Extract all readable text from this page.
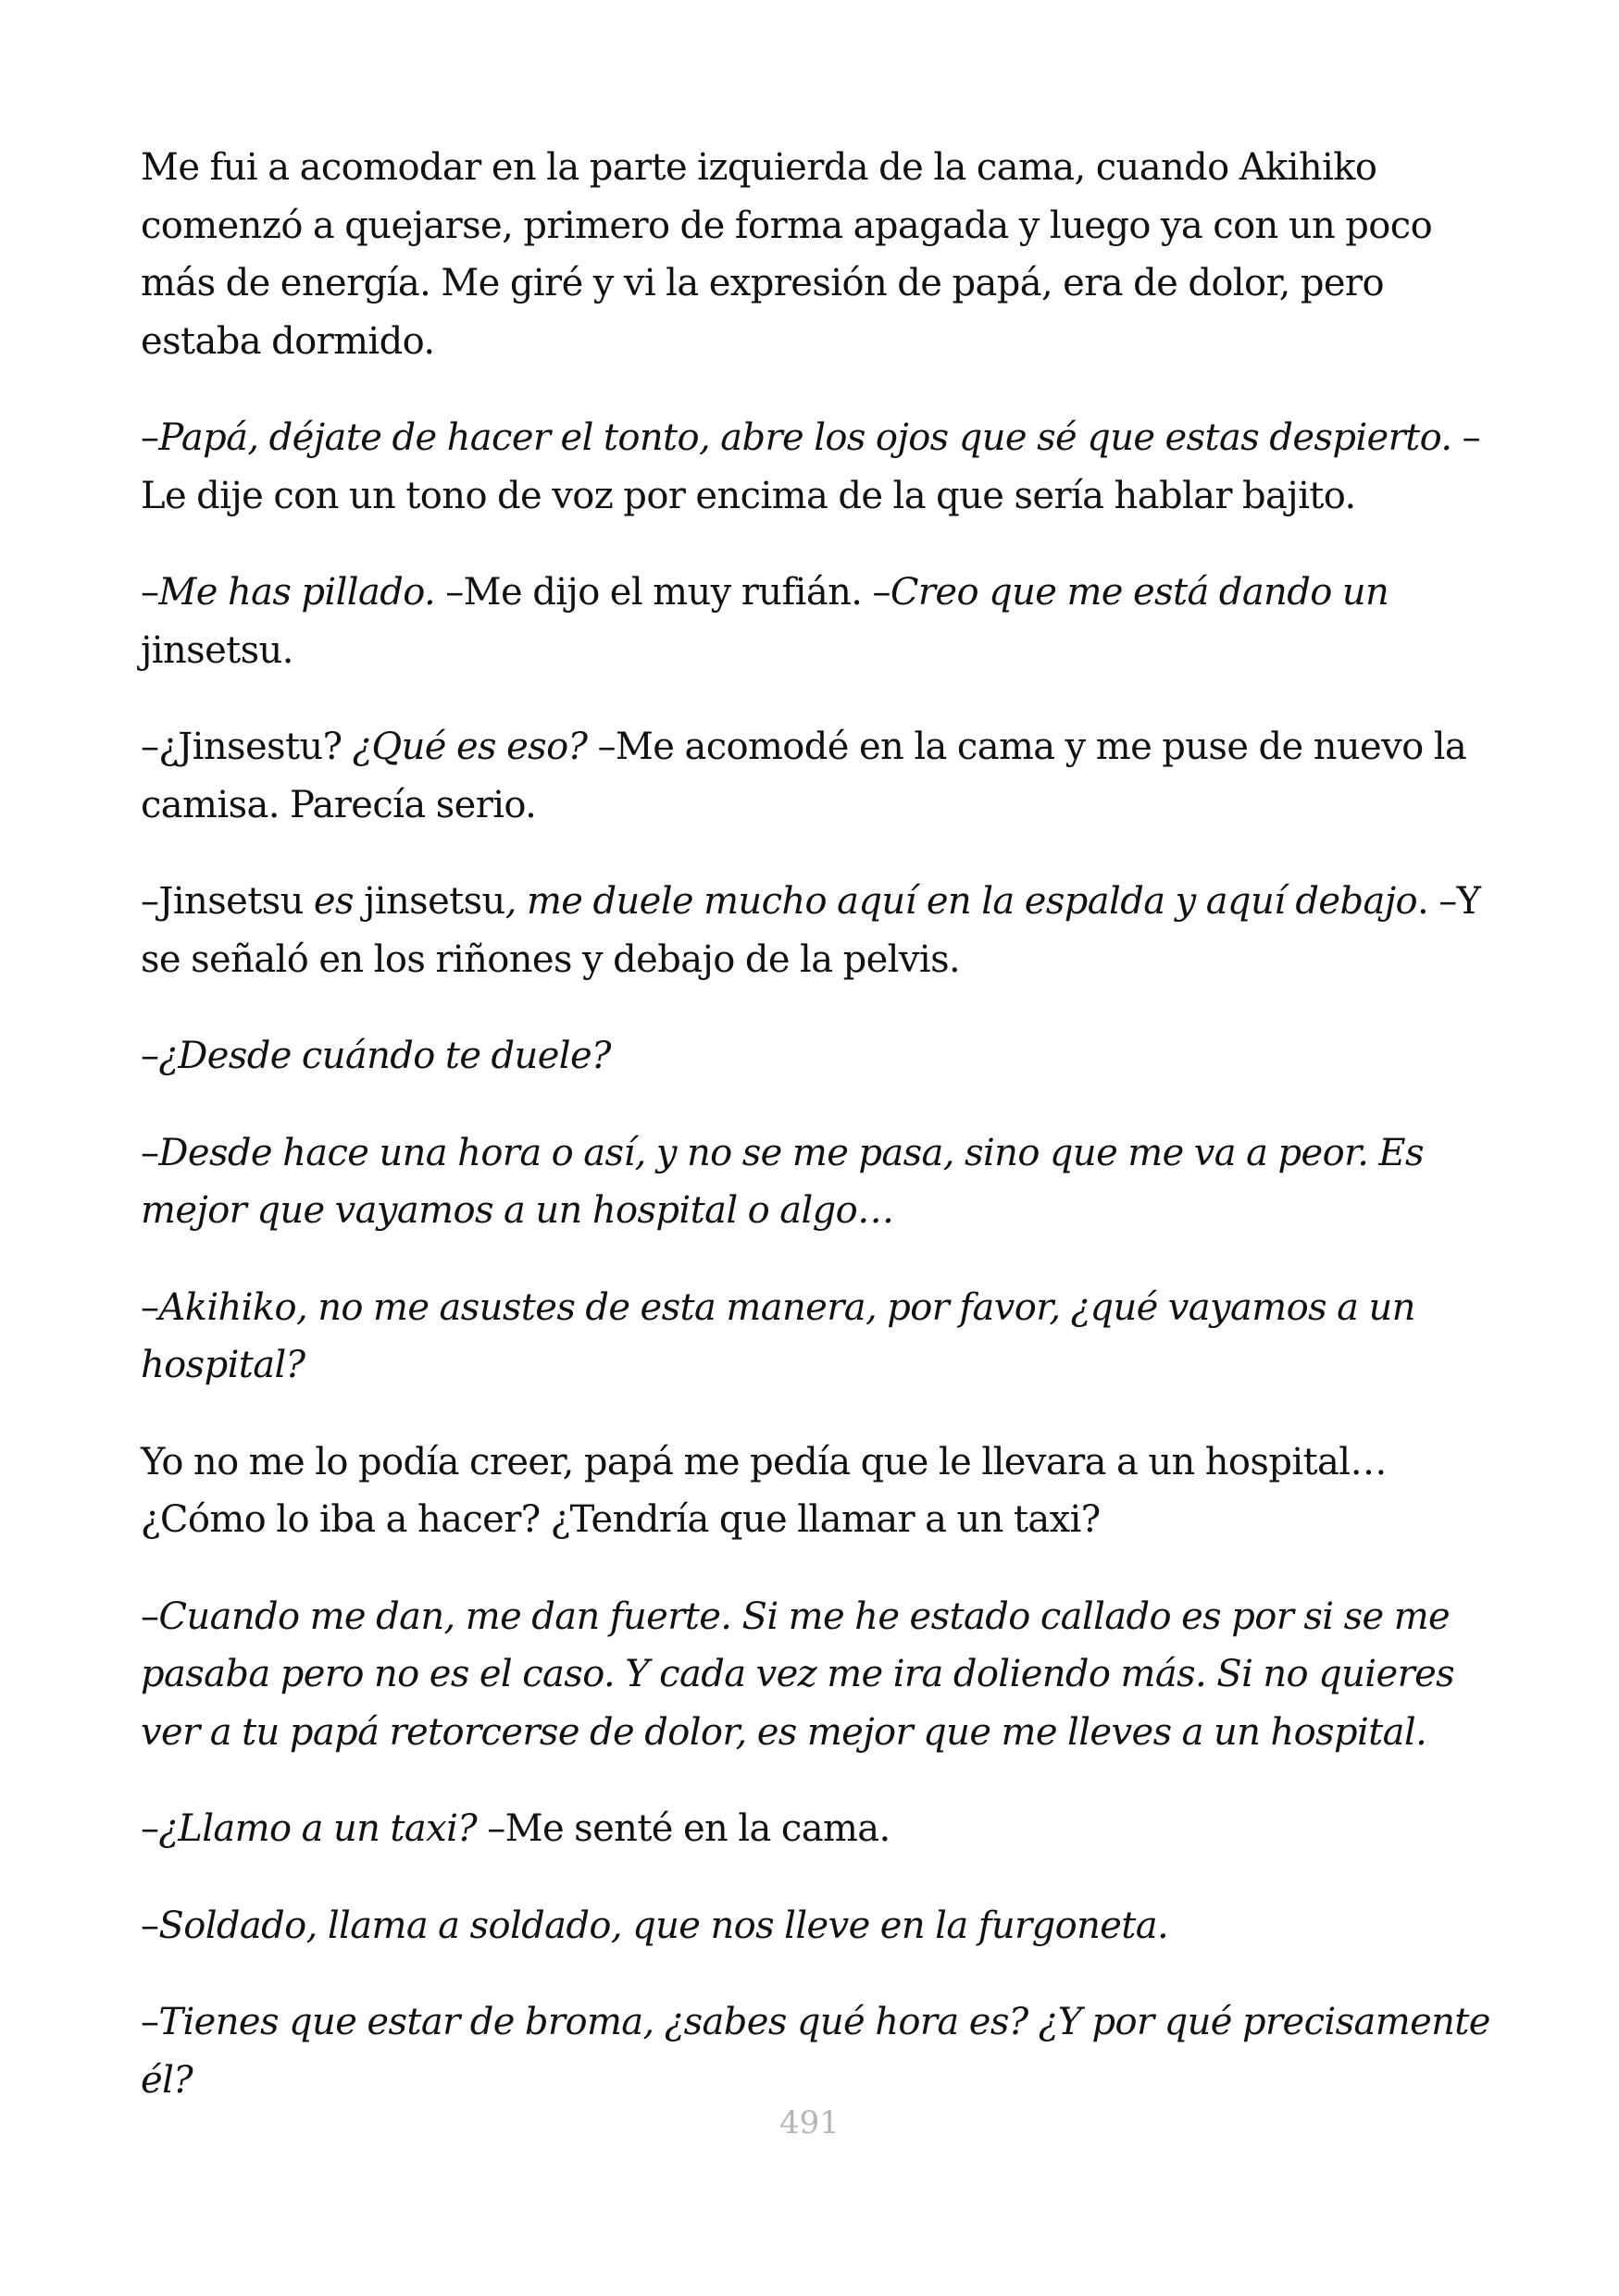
Me fui a acomodar en la parte izquierda de la cama, cuando Akihiko comenzó a quejarse, primero de forma apagada y luego ya con un poco más de energía. Me giré y vi la expresión de papá, era de dolor, pero estaba dormido.

–Papá, déjate de hacer el tonto, abre los ojos que sé que estas despierto. –Le dije con un tono de voz por encima de la que sería hablar bajito.

–Me has pillado. –Me dijo el muy rufián. –Creo que me está dando un jinsetsu.

–¿Jinsestu? ¿Qué es eso? –Me acomodé en la cama y me puse de nuevo la camisa. Parecía serio.

–Jinsetsu es jinsetsu, me duele mucho aquí en la espalda y aquí debajo. –Y se señaló en los riñones y debajo de la pelvis.

–¿Desde cuándo te duele?

–Desde hace una hora o así, y no se me pasa, sino que me va a peor. Es mejor que vayamos a un hospital o algo…

–Akihiko, no me asustes de esta manera, por favor, ¿qué vayamos a un hospital?

Yo no me lo podía creer, papá me pedía que le llevara a un hospital… ¿Cómo lo iba a hacer? ¿Tendría que llamar a un taxi?

–Cuando me dan, me dan fuerte. Si me he estado callado es por si se me pasaba pero no es el caso. Y cada vez me ira doliendo más. Si no quieres ver a tu papá retorcerse de dolor, es mejor que me lleves a un hospital.

–¿Llamo a un taxi? –Me senté en la cama.

–Soldado, llama a soldado, que nos lleve en la furgoneta.

–Tienes que estar de broma, ¿sabes qué hora es? ¿Y por qué precisamente él?

491
